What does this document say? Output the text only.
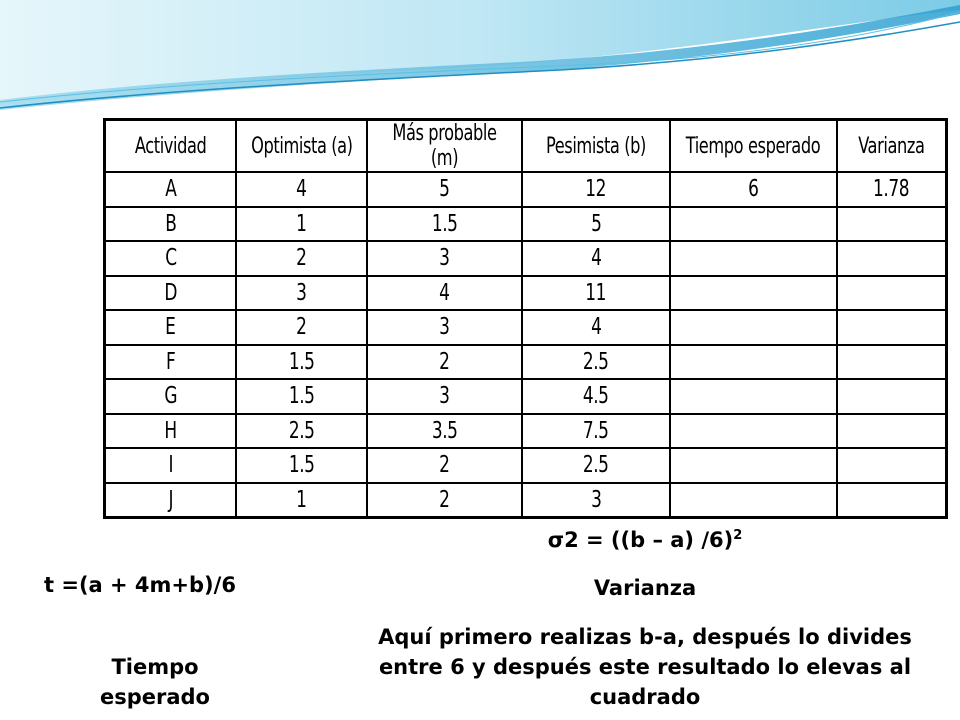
Actividad	Optimista (a)	Más probable (m)	Pesimista (b)	Tiempo esperado	Varianza
A	4	5	12	6	1.78
B	1	1.5	5		
C	2	3	4		
D	3	4	11		
E	2	3	4		
F	1.5	2	2.5		
G	1.5	3	4.5		
H	2.5	3.5	7.5		
I	1.5	2	2.5		
J	1	2	3		
t =(a + 4m+b)/6
Tiempo esperado
σ2 = ((b – a) /6)$^2$
Varianza
Aquí primero realizas b-a, después lo divides entre 6 y después este resultado lo elevas al cuadrado
